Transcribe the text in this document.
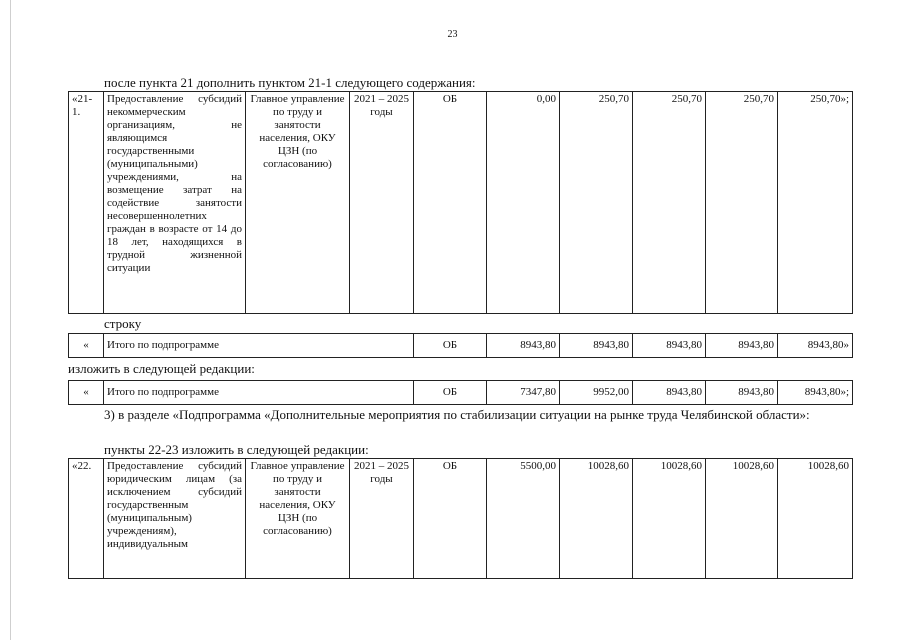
23
после пункта 21 дополнить пунктом 21-1 следующего содержания:
«21-1.	Предоставление субсидий некоммерческим организациям, не являющимся государственными (муниципальными) учреждениями, на возмещение затрат на содействие занятости несовершеннолетних граждан в возрасте от 14 до 18 лет, находящихся в трудной жизненной ситуации	Главное управление по труду и занятости населения, ОКУ ЦЗН (по согласованию)	2021 – 2025 годы	ОБ	0,00	250,70	250,70	250,70	250,70»;
строку
«	Итого по подпрограмме	ОБ	8943,80	8943,80	8943,80	8943,80	8943,80»
изложить в следующей редакции:
«	Итого по подпрограмме	ОБ	7347,80	9952,00	8943,80	8943,80	8943,80»;
3) в разделе «Подпрограмма «Дополнительные мероприятия по стабилизации ситуации на рынке труда Челябинской области»:
пункты 22-23 изложить в следующей редакции:
«22.	Предоставление субсидий юридическим лицам (за исключением субсидий государственным (муниципальным) учреждениям), индивидуальным	Главное управление по труду и занятости населения, ОКУ ЦЗН (по согласованию)	2021 – 2025 годы	ОБ	5500,00	10028,60	10028,60	10028,60	10028,60
